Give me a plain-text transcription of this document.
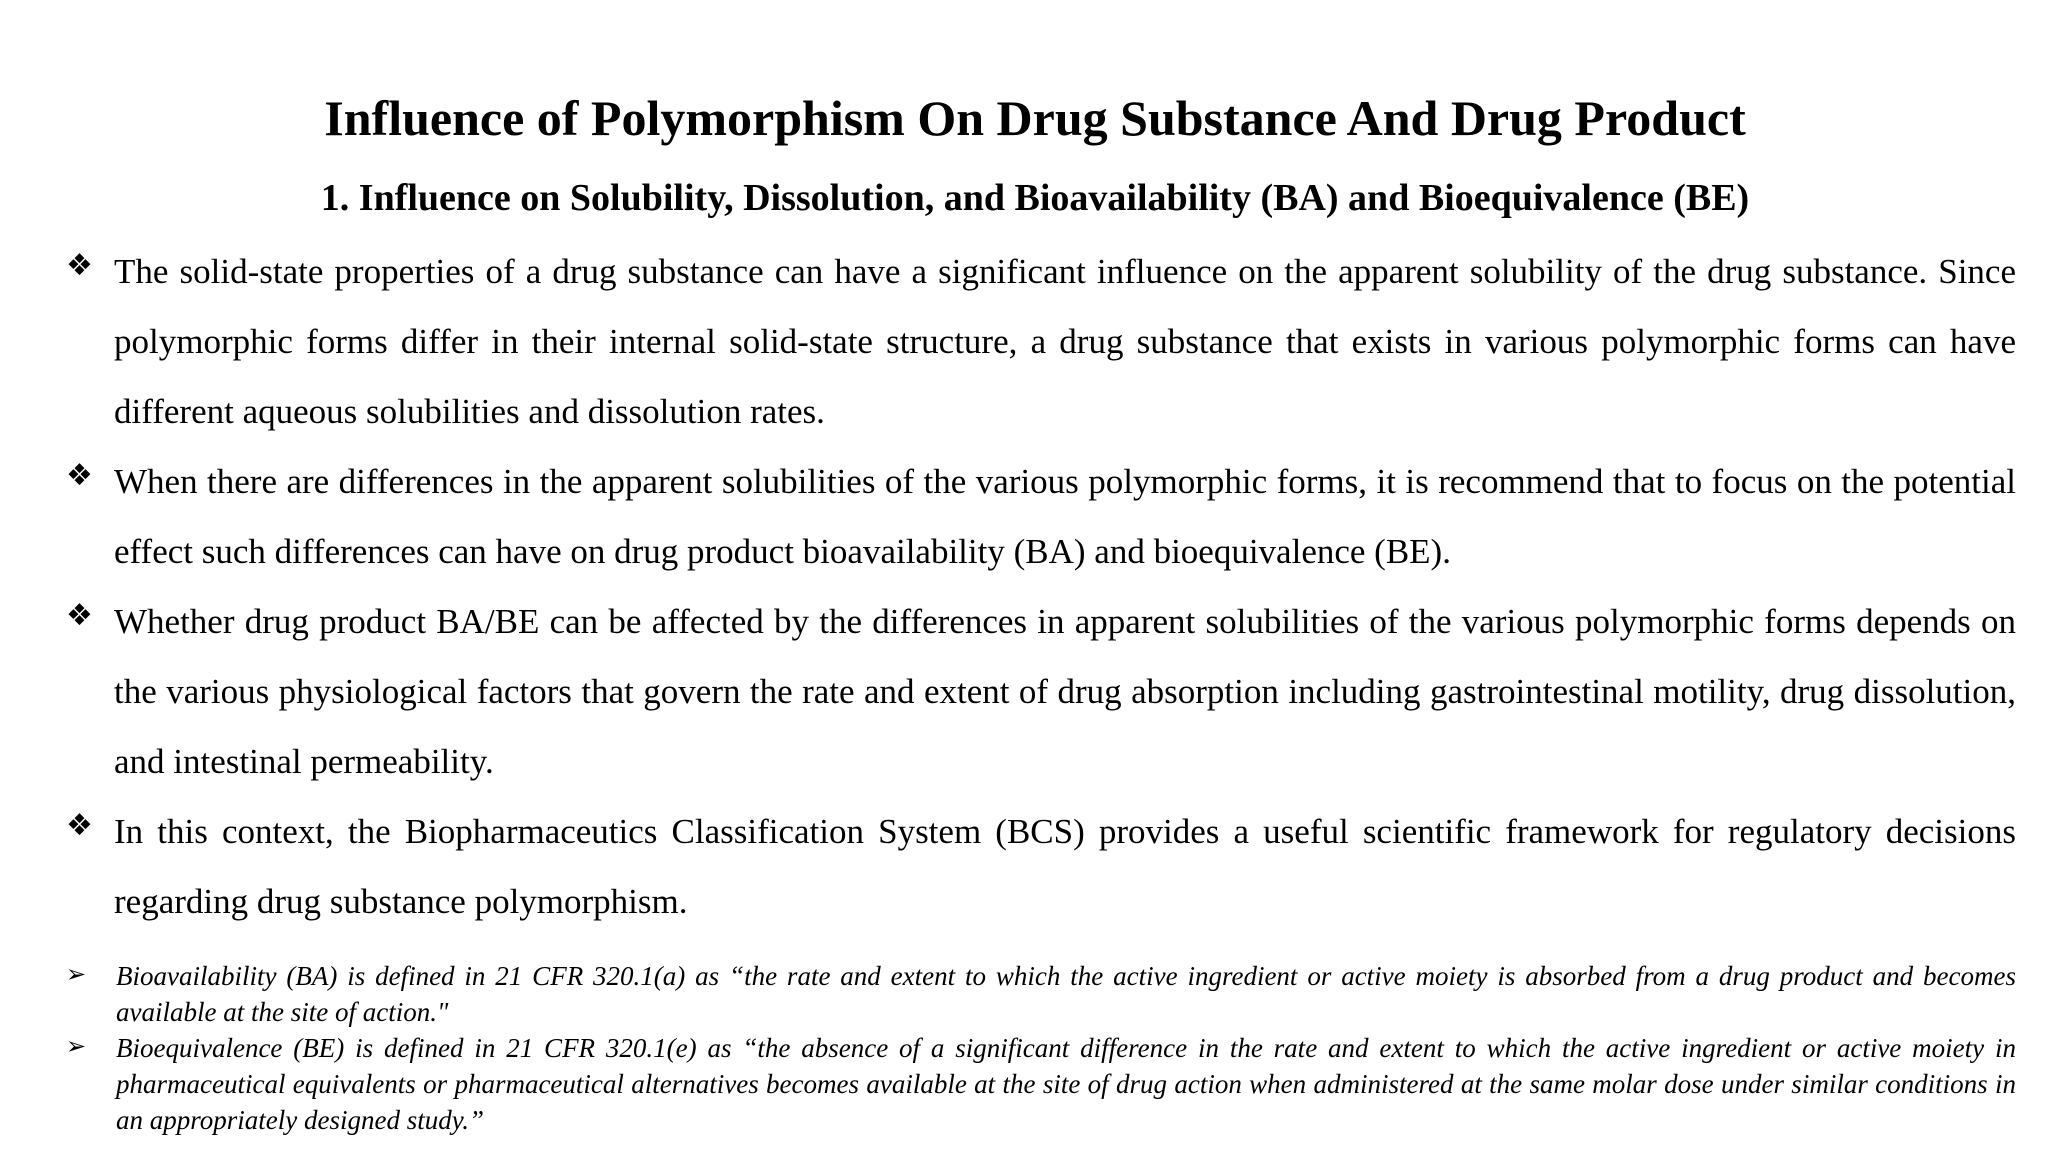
Influence of Polymorphism On Drug Substance And Drug Product
1. Influence on Solubility, Dissolution, and Bioavailability (BA) and Bioequivalence (BE)
❖ The solid-state properties of a drug substance can have a significant influence on the apparent solubility of the drug substance. Since polymorphic forms differ in their internal solid-state structure, a drug substance that exists in various polymorphic forms can have different aqueous solubilities and dissolution rates.
❖ When there are differences in the apparent solubilities of the various polymorphic forms, it is recommend that to focus on the potential effect such differences can have on drug product bioavailability (BA) and bioequivalence (BE).
❖ Whether drug product BA/BE can be affected by the differences in apparent solubilities of the various polymorphic forms depends on the various physiological factors that govern the rate and extent of drug absorption including gastrointestinal motility, drug dissolution, and intestinal permeability.
❖ In this context, the Biopharmaceutics Classification System (BCS) provides a useful scientific framework for regulatory decisions regarding drug substance polymorphism.
➢	Bioavailability (BA) is defined in 21 CFR 320.1(a) as “the rate and extent to which the active ingredient or active moiety is absorbed from a drug product and becomes available at the site of action."
➢	Bioequivalence (BE) is defined in 21 CFR 320.1(e) as “the absence of a significant difference in the rate and extent to which the active ingredient or active moiety in pharmaceutical equivalents or pharmaceutical alternatives becomes available at the site of drug action when administered at the same molar dose under similar conditions in an appropriately designed study.”
